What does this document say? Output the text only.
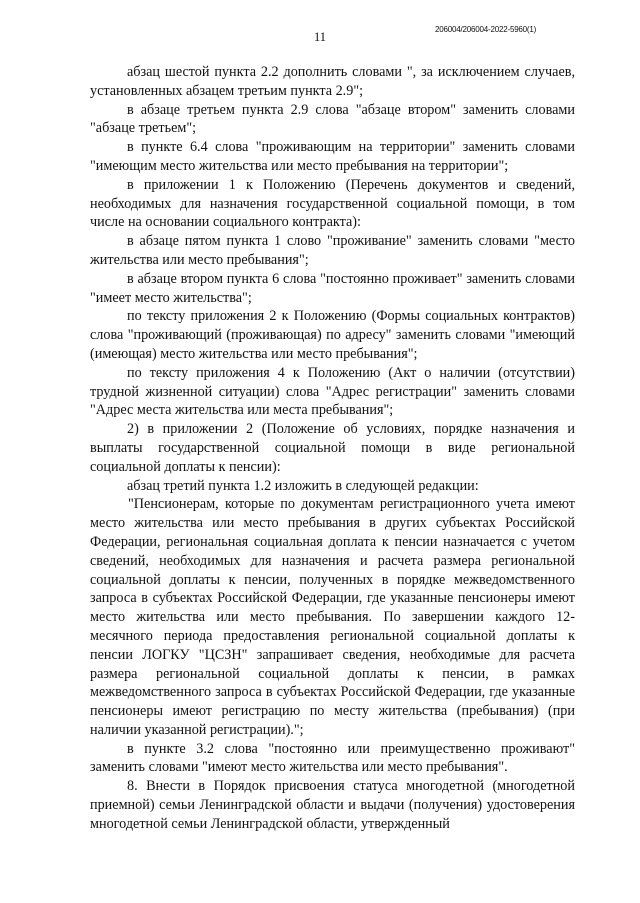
11
206004/206004-2022-5960(1)

абзац шестой пункта 2.2 дополнить словами ", за исключением случаев, установленных абзацем третьим пункта 2.9";

в абзаце третьем пункта 2.9 слова "абзаце втором" заменить словами "абзаце третьем";

в пункте 6.4 слова "проживающим на территории" заменить словами "имеющим место жительства или место пребывания на территории";

в приложении 1 к Положению (Перечень документов и сведений, необходимых для назначения государственной социальной помощи, в том числе на основании социального контракта):

в абзаце пятом пункта 1 слово "проживание" заменить словами "место жительства или место пребывания";

в абзаце втором пункта 6 слова "постоянно проживает" заменить словами "имеет место жительства";

по тексту приложения 2 к Положению (Формы социальных контрактов) слова "проживающий (проживающая) по адресу" заменить словами "имеющий (имеющая) место жительства или место пребывания";

по тексту приложения 4 к Положению (Акт о наличии (отсутствии) трудной жизненной ситуации) слова "Адрес регистрации" заменить словами "Адрес места жительства или места пребывания";

2) в приложении 2 (Положение об условиях, порядке назначения и выплаты государственной социальной помощи в виде региональной социальной доплаты к пенсии):

абзац третий пункта 1.2 изложить в следующей редакции:

"Пенсионерам, которые по документам регистрационного учета имеют место жительства или место пребывания в других субъектах Российской Федерации, региональная социальная доплата к пенсии назначается с учетом сведений, необходимых для назначения и расчета размера региональной социальной доплаты к пенсии, полученных в порядке межведомственного запроса в субъектах Российской Федерации, где указанные пенсионеры имеют место жительства или место пребывания. По завершении каждого 12-месячного периода предоставления региональной социальной доплаты к пенсии ЛОГКУ "ЦСЗН" запрашивает сведения, необходимые для расчета размера региональной социальной доплаты к пенсии, в рамках межведомственного запроса в субъектах Российской Федерации, где указанные пенсионеры имеют регистрацию по месту жительства (пребывания) (при наличии указанной регистрации).";

в пункте 3.2 слова "постоянно или преимущественно проживают" заменить словами "имеют место жительства или место пребывания".

8. Внести в Порядок присвоения статуса многодетной (многодетной приемной) семьи Ленинградской области и выдачи (получения) удостоверения многодетной семьи Ленинградской области, утвержденный
